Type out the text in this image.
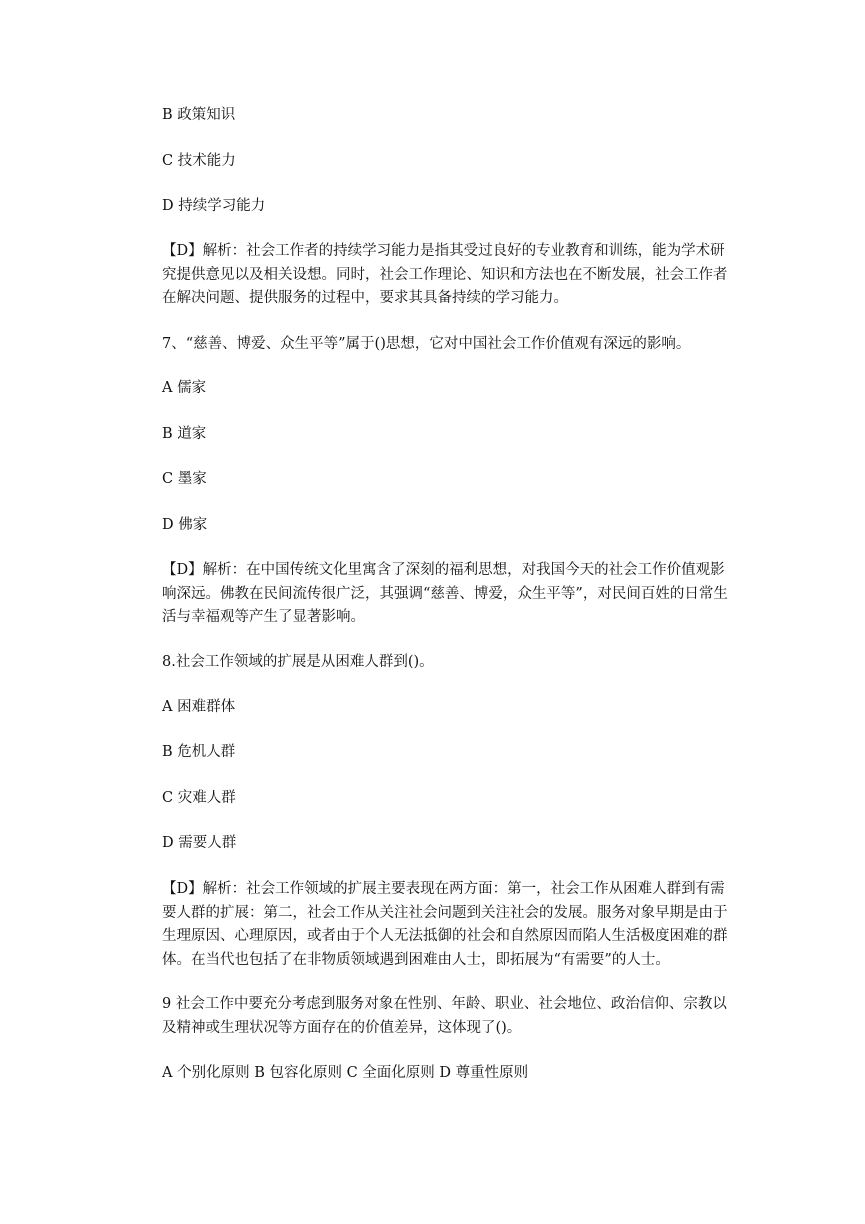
B 政策知识
C 技术能力
D 持续学习能力
【D】解析：社会工作者的持续学习能力是指其受过良好的专业教育和训练，能为学术研究提供意见以及相关设想。同时，社会工作理论、知识和方法也在不断发展，社会工作者在解决问题、提供服务的过程中，要求其具备持续的学习能力。
7、“慈善、博爱、众生平等”属于()思想，它对中国社会工作价值观有深远的影响。
A 儒家
B 道家
C 墨家
D 佛家
【D】解析：在中国传统文化里寓含了深刻的福利思想，对我国今天的社会工作价值观影响深远。佛教在民间流传很广泛，其强调“慈善、博爱，众生平等”，对民间百姓的日常生活与幸福观等产生了显著影响。
8.社会工作领域的扩展是从困难人群到()。
A 困难群体
B 危机人群
C 灾难人群
D 需要人群
【D】解析：社会工作领域的扩展主要表现在两方面：第一，社会工作从困难人群到有需要人群的扩展：第二，社会工作从关注社会问题到关注社会的发展。服务对象早期是由于生理原因、心理原因，或者由于个人无法抵御的社会和自然原因而陷人生活极度困难的群体。在当代也包括了在非物质领域遇到困难由人士，即拓展为“有需要”的人士。
9 社会工作中要充分考虑到服务对象在性别、年龄、职业、社会地位、政治信仰、宗教以及精神或生理状况等方面存在的价值差异，这体现了()。
A 个别化原则 B 包容化原则 C 全面化原则 D 尊重性原则
